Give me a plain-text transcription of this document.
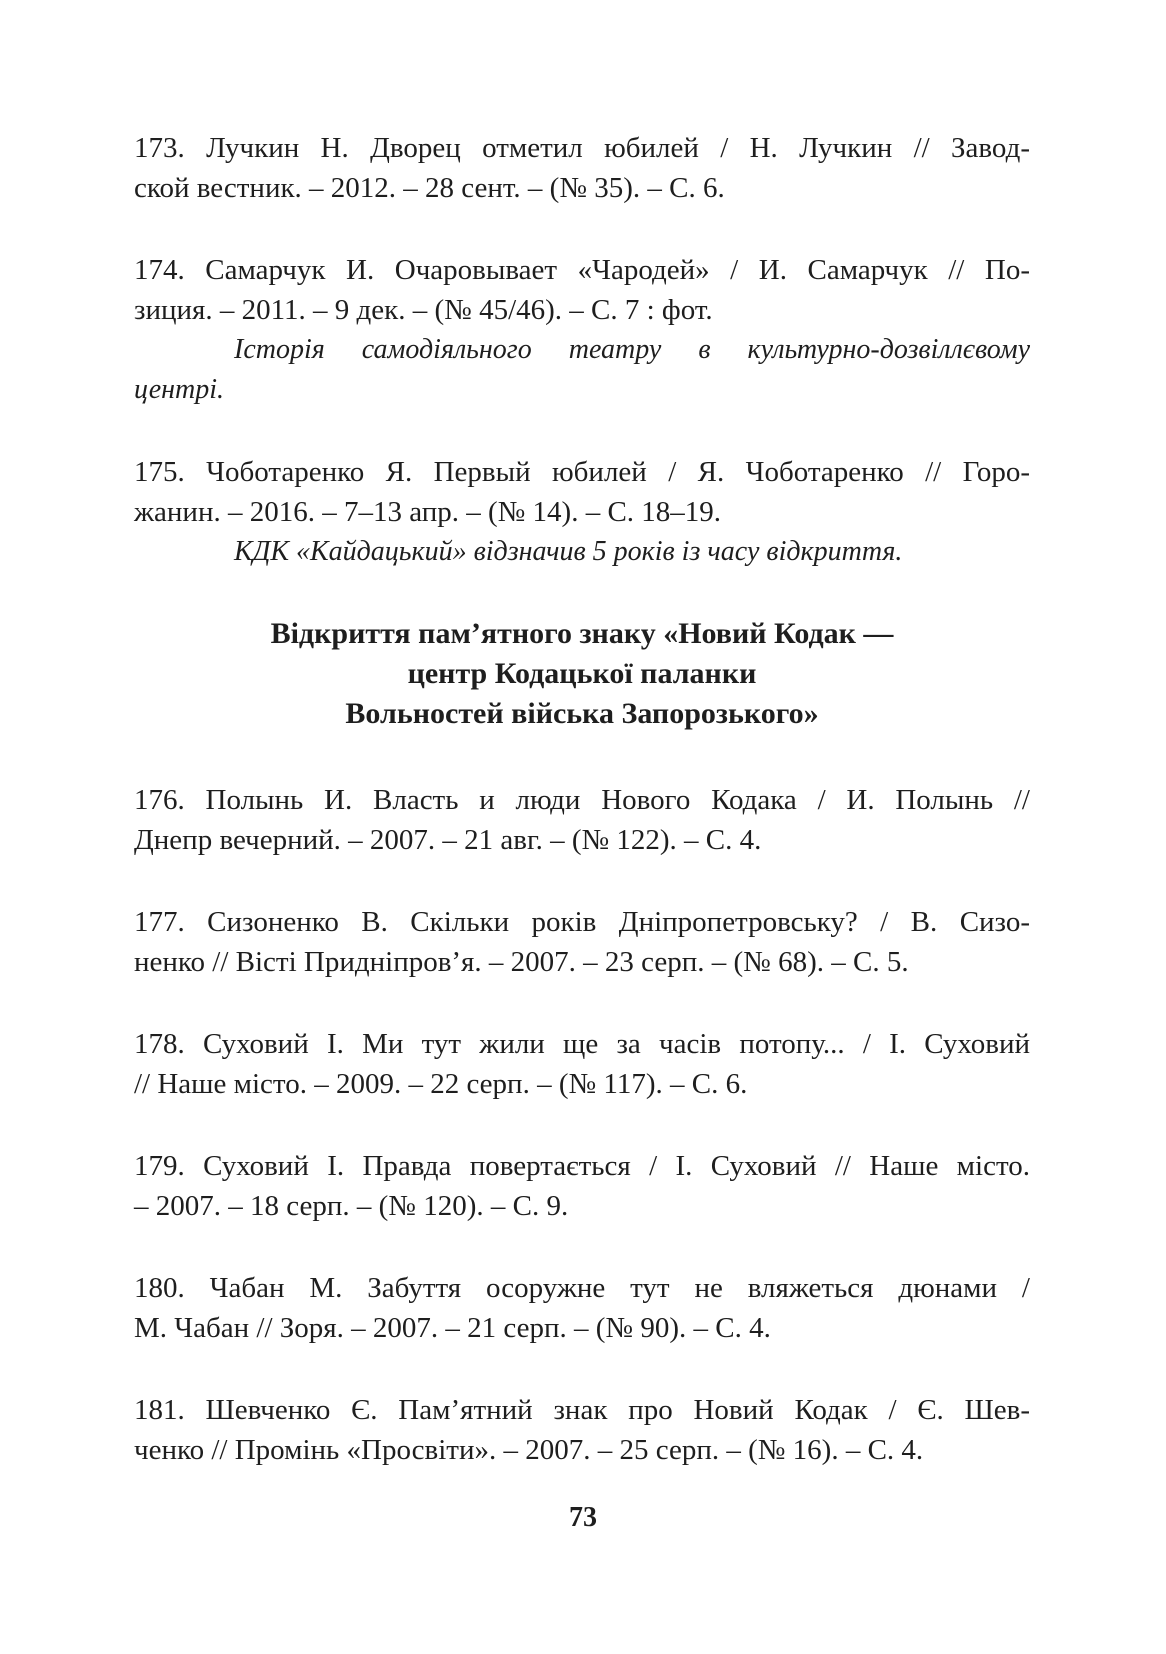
173. Лучкин Н. Дворец отметил юбилей / Н. Лучкин // Завод-
ской вестник. – 2012. – 28 сент. – (№ 35). – С. 6.
174. Самарчук И. Очаровывает «Чародей» / И. Самарчук // По-
зиция. – 2011. – 9 дек. – (№ 45/46). – С. 7 : фот.
Історія самодіяльного театру в культурно-дозвіллєвому
центрі.
175. Чоботаренко Я. Первый юбилей / Я. Чоботаренко // Горо-
жанин. – 2016. – 7–13 апр. – (№ 14). – С. 18–19.
КДК «Кайдацький» відзначив 5 років із часу відкриття.
Відкриття пам’ятного знаку «Новий Кодак —
центр Кодацької паланки
Вольностей війська Запорозького»
176. Полынь И. Власть и люди Нового Кодака / И. Полынь //
Днепр вечерний. – 2007. – 21 авг. – (№ 122). – С. 4.
177. Сизоненко В. Скільки років Дніпропетровську? / В. Сизо-
ненко // Вісті Придніпров’я. – 2007. – 23 серп. – (№ 68). – С. 5.
178. Суховий І. Ми тут жили ще за часів потопу... / І. Суховий
// Наше місто. – 2009. – 22 серп. – (№ 117). – С. 6.
179. Суховий І. Правда повертається / І. Суховий // Наше місто.
– 2007. – 18 серп. – (№ 120). – С. 9.
180. Чабан М. Забуття осоружне тут не вляжеться дюнами /
М. Чабан // Зоря. – 2007. – 21 серп. – (№ 90). – С. 4.
181. Шевченко Є. Пам’ятний знак про Новий Кодак / Є. Шев-
ченко // Промінь «Просвіти». – 2007. – 25 серп. – (№ 16). – С. 4.
73
